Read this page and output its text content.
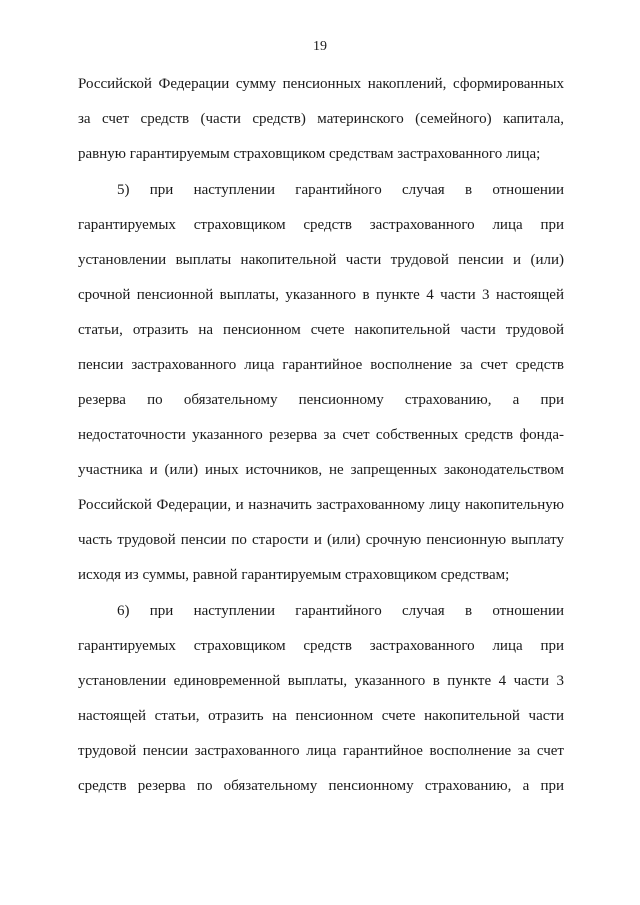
19
Российской Федерации сумму пенсионных накоплений, сформированных
за счет средств (части средств) материнского (семейного) капитала,
равную гарантируемым страховщиком средствам застрахованного лица;
5) при наступлении гарантийного случая в отношении
гарантируемых страховщиком средств застрахованного лица при
установлении выплаты накопительной части трудовой пенсии и (или)
срочной пенсионной выплаты, указанного в пункте 4 части 3 настоящей
статьи, отразить на пенсионном счете накопительной части трудовой
пенсии застрахованного лица гарантийное восполнение за счет средств
резерва по обязательному пенсионному страхованию, а при
недостаточности указанного резерва за счет собственных средств фонда-
участника и (или) иных источников, не запрещенных законодательством
Российской Федерации, и назначить застрахованному лицу накопительную
часть трудовой пенсии по старости и (или) срочную пенсионную выплату
исходя из суммы, равной гарантируемым страховщиком средствам;
6) при наступлении гарантийного случая в отношении
гарантируемых страховщиком средств застрахованного лица при
установлении единовременной выплаты, указанного в пункте 4 части 3
настоящей статьи, отразить на пенсионном счете накопительной части
трудовой пенсии застрахованного лица гарантийное восполнение за счет
средств резерва по обязательному пенсионному страхованию, а при
